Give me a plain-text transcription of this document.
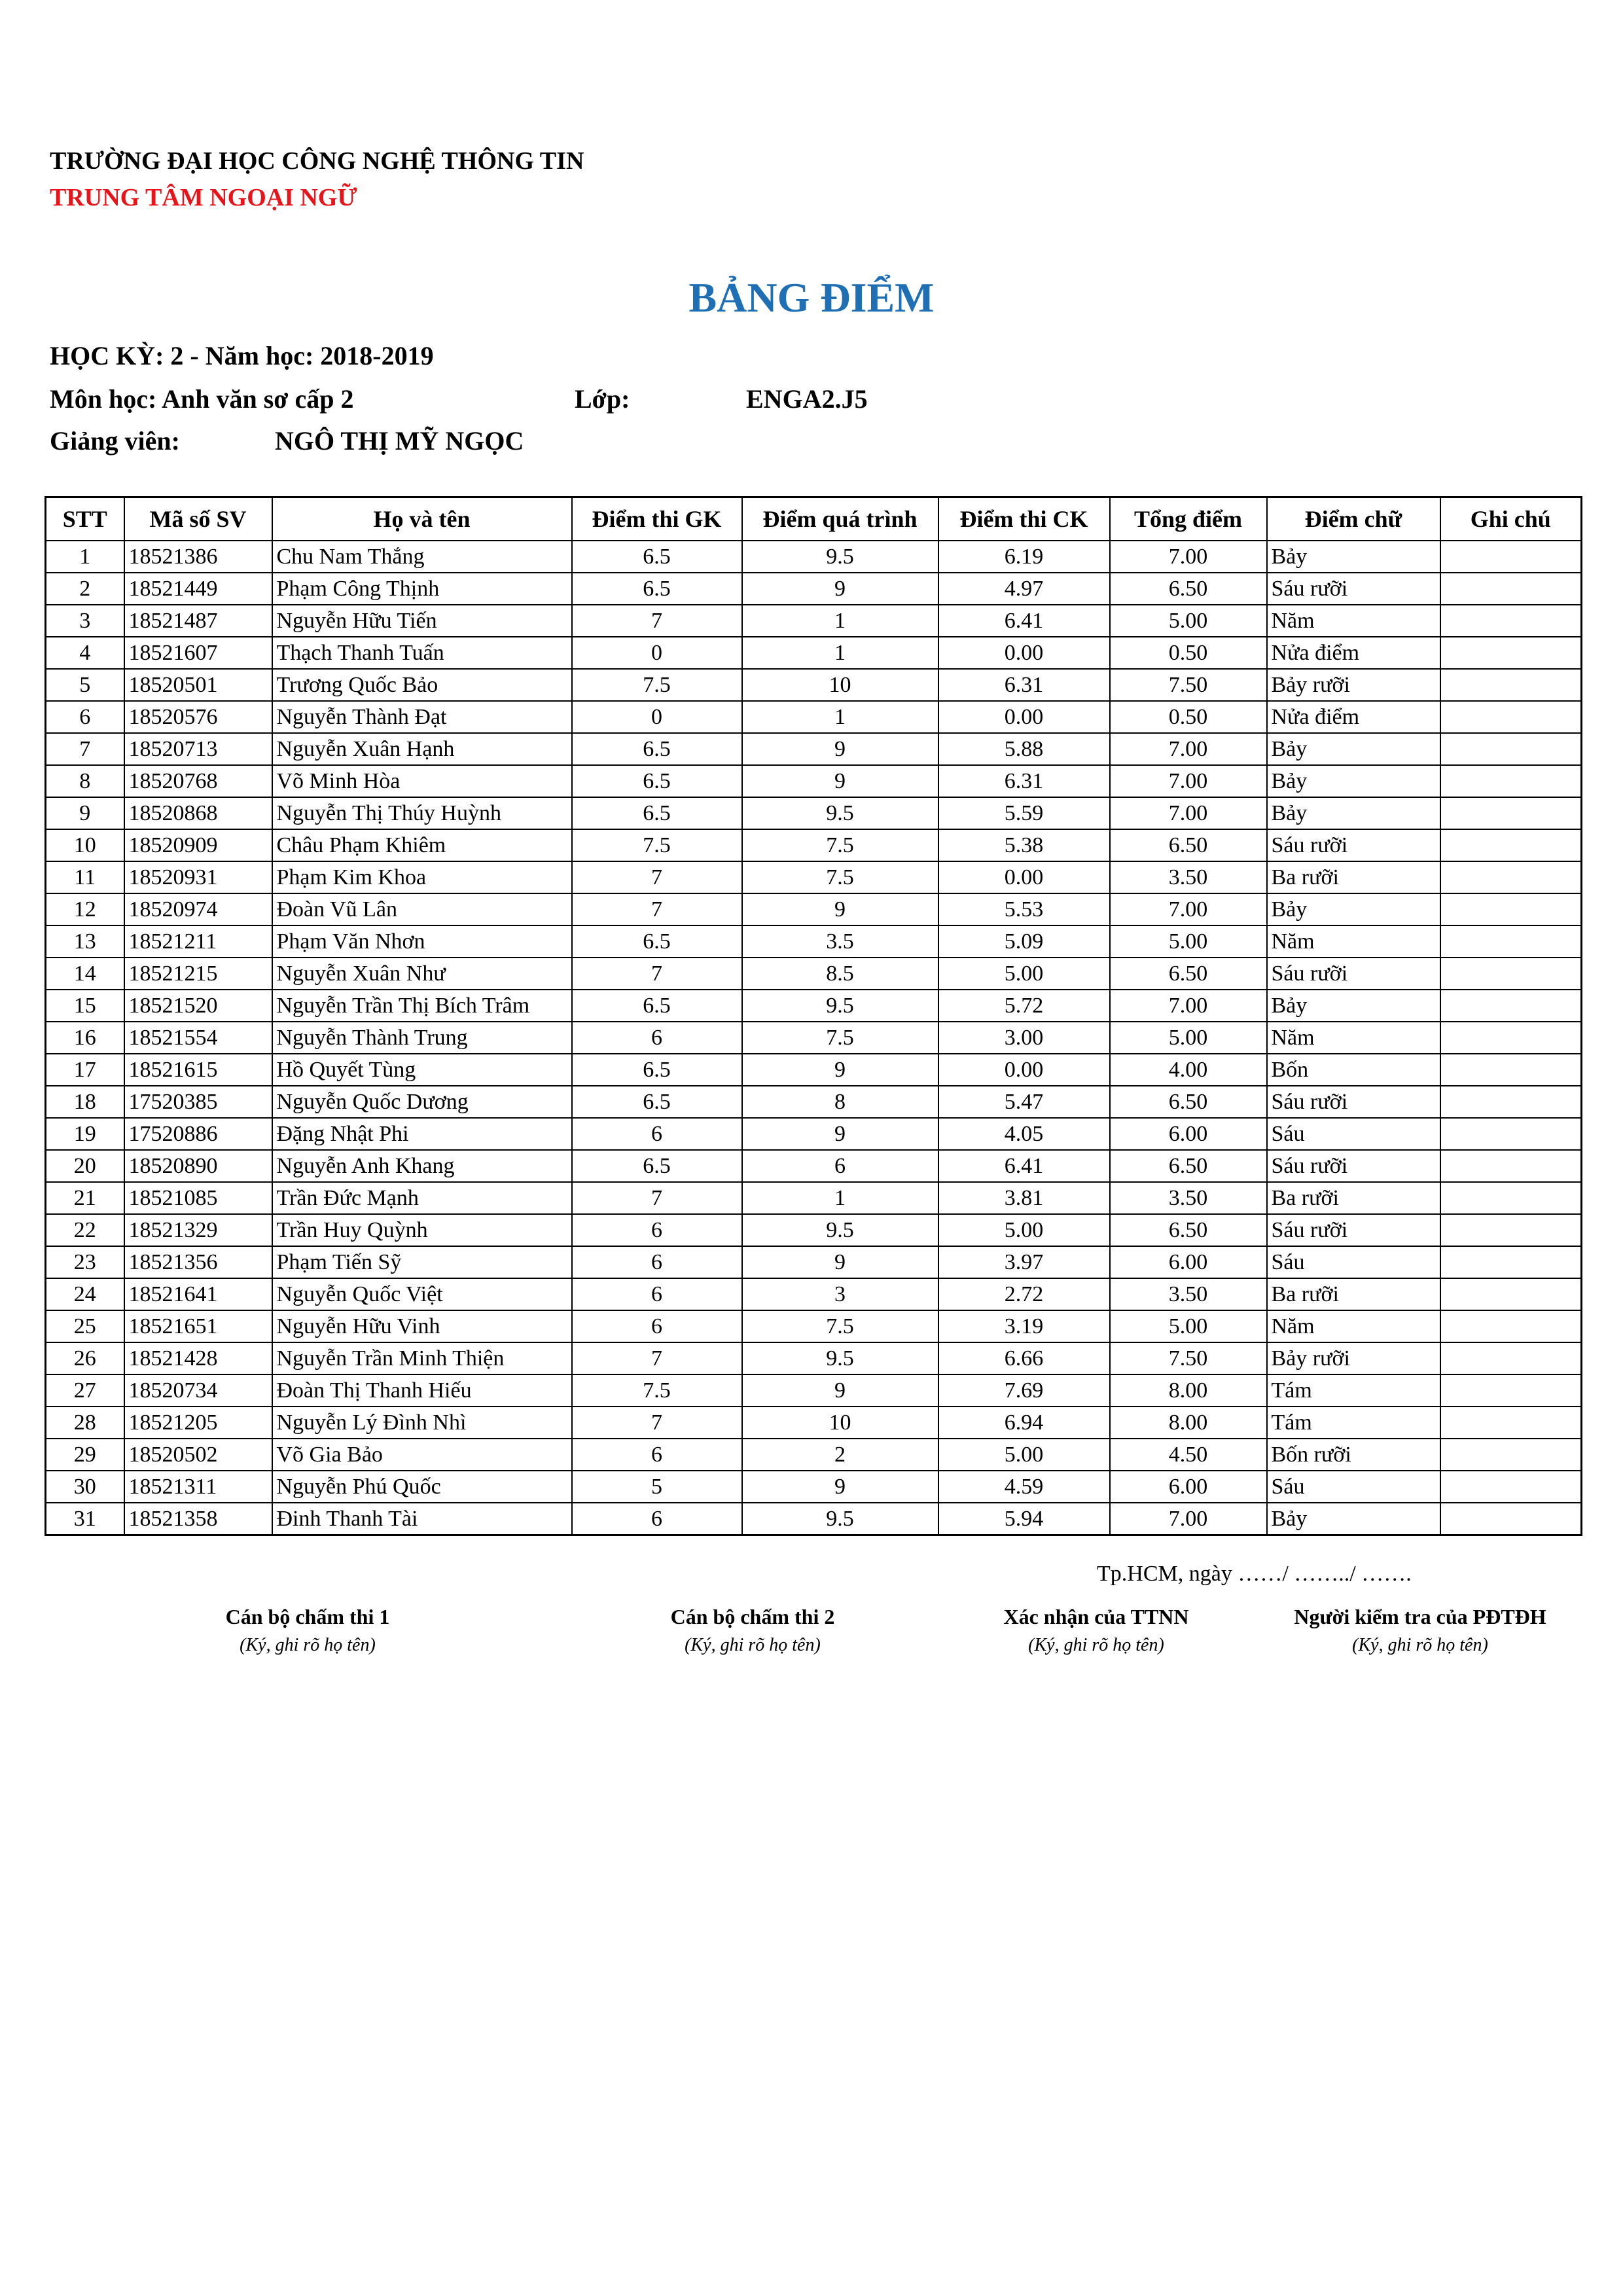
TRƯỜNG ĐẠI HỌC CÔNG NGHỆ THÔNG TIN
TRUNG TÂM NGOẠI NGỮ
BẢNG ĐIỂM
HỌC KỲ: 2 - Năm học: 2018-2019
Môn học: Anh văn sơ cấp 2	Lớp:	ENGA2.J5
Giảng viên:	NGÔ THỊ MỸ NGỌC
STT	Mã số SV	Họ và tên	Điểm thi GK	Điểm quá trình	Điểm thi CK	Tổng điểm	Điểm chữ	Ghi chú
1	18521386	Chu Nam Thắng	6.5	9.5	6.19	7.00	Bảy	
2	18521449	Phạm Công Thịnh	6.5	9	4.97	6.50	Sáu rưỡi	
3	18521487	Nguyễn Hữu Tiến	7	1	6.41	5.00	Năm	
4	18521607	Thạch Thanh Tuấn	0	1	0.00	0.50	Nửa điểm	
5	18520501	Trương Quốc Bảo	7.5	10	6.31	7.50	Bảy rưỡi	
6	18520576	Nguyễn Thành Đạt	0	1	0.00	0.50	Nửa điểm	
7	18520713	Nguyễn Xuân Hạnh	6.5	9	5.88	7.00	Bảy	
8	18520768	Võ Minh Hòa	6.5	9	6.31	7.00	Bảy	
9	18520868	Nguyễn Thị Thúy Huỳnh	6.5	9.5	5.59	7.00	Bảy	
10	18520909	Châu Phạm Khiêm	7.5	7.5	5.38	6.50	Sáu rưỡi	
11	18520931	Phạm Kim Khoa	7	7.5	0.00	3.50	Ba rưỡi	
12	18520974	Đoàn Vũ Lân	7	9	5.53	7.00	Bảy	
13	18521211	Phạm Văn Nhơn	6.5	3.5	5.09	5.00	Năm	
14	18521215	Nguyễn Xuân Như	7	8.5	5.00	6.50	Sáu rưỡi	
15	18521520	Nguyễn Trần Thị Bích Trâm	6.5	9.5	5.72	7.00	Bảy	
16	18521554	Nguyễn Thành Trung	6	7.5	3.00	5.00	Năm	
17	18521615	Hồ Quyết Tùng	6.5	9	0.00	4.00	Bốn	
18	17520385	Nguyễn Quốc Dương	6.5	8	5.47	6.50	Sáu rưỡi	
19	17520886	Đặng Nhật Phi	6	9	4.05	6.00	Sáu	
20	18520890	Nguyễn Anh Khang	6.5	6	6.41	6.50	Sáu rưỡi	
21	18521085	Trần Đức Mạnh	7	1	3.81	3.50	Ba rưỡi	
22	18521329	Trần Huy Quỳnh	6	9.5	5.00	6.50	Sáu rưỡi	
23	18521356	Phạm Tiến Sỹ	6	9	3.97	6.00	Sáu	
24	18521641	Nguyễn Quốc Việt	6	3	2.72	3.50	Ba rưỡi	
25	18521651	Nguyễn Hữu Vinh	6	7.5	3.19	5.00	Năm	
26	18521428	Nguyễn Trần Minh Thiện	7	9.5	6.66	7.50	Bảy rưỡi	
27	18520734	Đoàn Thị Thanh Hiếu	7.5	9	7.69	8.00	Tám	
28	18521205	Nguyễn Lý Đình Nhì	7	10	6.94	8.00	Tám	
29	18520502	Võ Gia Bảo	6	2	5.00	4.50	Bốn rưỡi	
30	18521311	Nguyễn Phú Quốc	5	9	4.59	6.00	Sáu	
31	18521358	Đinh Thanh Tài	6	9.5	5.94	7.00	Bảy	
Tp.HCM, ngày ……/ ……../ …….
Cán bộ chấm thi 1	Cán bộ chấm thi 2	Xác nhận của TTNN	Người kiểm tra của PĐTĐH
(Ký, ghi rõ họ tên)	(Ký, ghi rõ họ tên)	(Ký, ghi rõ họ tên)	(Ký, ghi rõ họ tên)
